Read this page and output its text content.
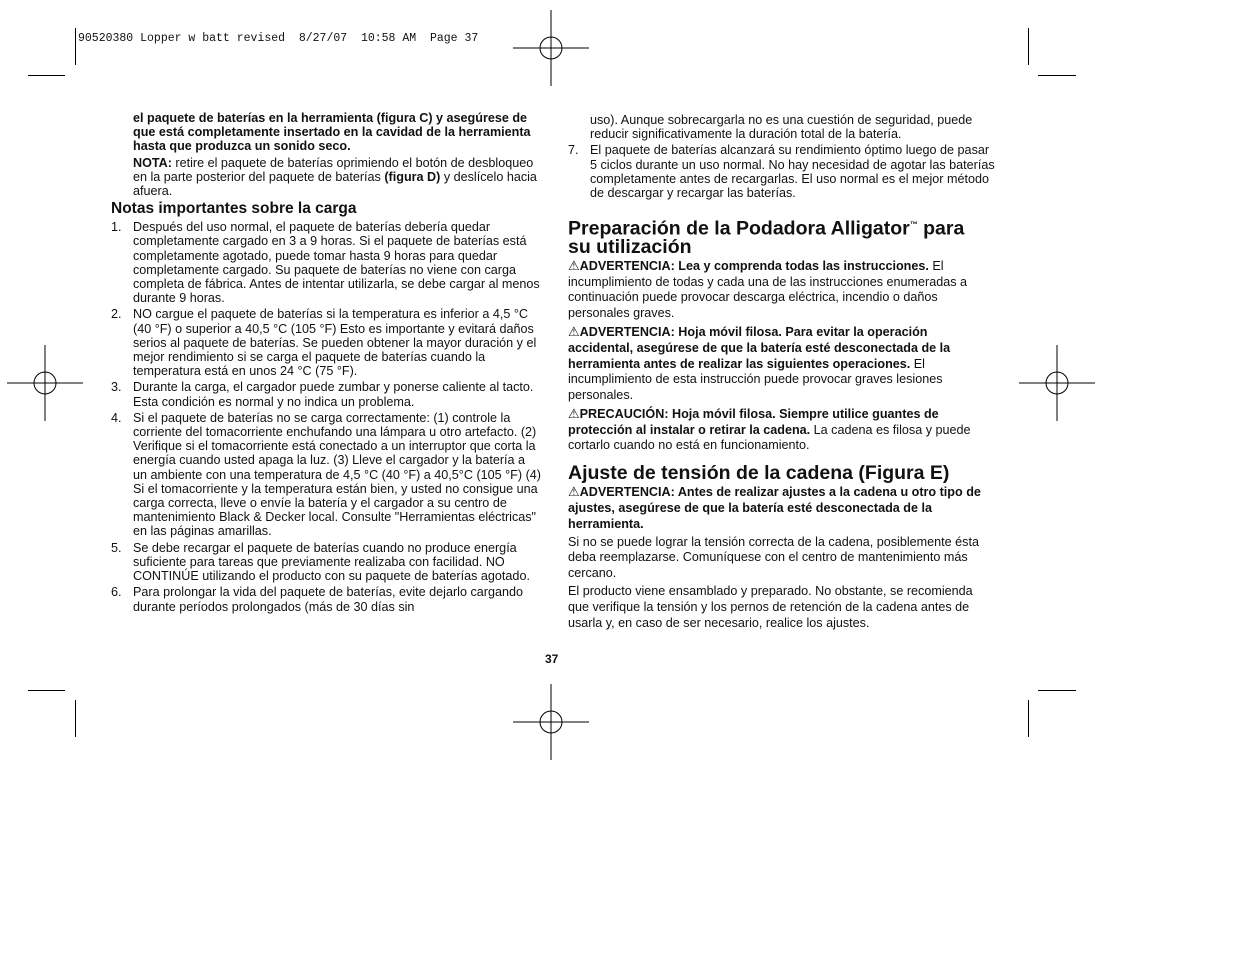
90520380 Lopper w batt revised  8/27/07  10:58 AM  Page 37

el paquete de baterías en la herramienta (figura C) y asegúrese de que está completamente insertado en la cavidad de la herramienta hasta que produzca un sonido seco.

NOTA: retire el paquete de baterías oprimiendo el botón de desbloqueo en la parte posterior del paquete de baterías (figura D) y deslícelo hacia afuera.

Notas importantes sobre la carga
1. Después del uso normal, el paquete de baterías debería quedar completamente cargado en 3 a 9 horas. Si el paquete de baterías está completamente agotado, puede tomar hasta 9 horas para quedar completamente cargado. Su paquete de baterías no viene con carga completa de fábrica. Antes de intentar utilizarla, se debe cargar al menos durante 9 horas.
2. NO cargue el paquete de baterías si la temperatura es inferior a 4,5 °C (40 °F) o superior a 40,5 °C (105 °F) Esto es importante y evitará daños serios al paquete de baterías. Se pueden obtener la mayor duración y el mejor rendimiento si se carga el paquete de baterías cuando la temperatura está en unos 24 °C (75 °F).
3. Durante la carga, el cargador puede zumbar y ponerse caliente al tacto. Esta condición es normal y no indica un problema.
4. Si el paquete de baterías no se carga correctamente: (1) controle la corriente del tomacorriente enchufando una lámpara u otro artefacto. (2) Verifique si el tomacorriente está conectado a un interruptor que corta la energía cuando usted apaga la luz. (3) Lleve el cargador y la batería a un ambiente con una temperatura de 4,5 °C (40 °F) a 40,5°C (105 °F) (4) Si el tomacorriente y la temperatura están bien, y usted no consigue una carga correcta, lleve o envíe la batería y el cargador a su centro de mantenimiento Black & Decker local. Consulte "Herramientas eléctricas" en las páginas amarillas.
5. Se debe recargar el paquete de baterías cuando no produce energía suficiente para tareas que previamente realizaba con facilidad. NO CONTINÚE utilizando el producto con su paquete de baterías agotado.
6. Para prolongar la vida del paquete de baterías, evite dejarlo cargando durante períodos prolongados (más de 30 días sin

uso). Aunque sobrecargarla no es una cuestión de seguridad, puede reducir significativamente la duración total de la batería.

7. El paquete de baterías alcanzará su rendimiento óptimo luego de pasar 5 ciclos durante un uso normal. No hay necesidad de agotar las baterías completamente antes de recargarlas. El uso normal es el mejor método de descargar y recargar las baterías.
Preparación de la Podadora Alligator™ para
su utilización

⚠ADVERTENCIA: Lea y comprenda todas las instrucciones. El incumplimiento de todas y cada una de las instrucciones enumeradas a continuación puede provocar descarga eléctrica, incendio o daños personales graves.

⚠ADVERTENCIA: Hoja móvil filosa. Para evitar la operación accidental, asegúrese de que la batería esté desconectada de la herramienta antes de realizar las siguientes operaciones. El incumplimiento de esta instrucción puede provocar graves lesiones personales.

⚠PRECAUCIÓN: Hoja móvil filosa. Siempre utilice guantes de protección al instalar o retirar la cadena. La cadena es filosa y puede cortarlo cuando no está en funcionamiento.

Ajuste de tensión de la cadena (Figura E)

⚠ADVERTENCIA: Antes de realizar ajustes a la cadena u otro tipo de ajustes, asegúrese de que la batería esté desconectada de la herramienta.

Si no se puede lograr la tensión correcta de la cadena, posiblemente ésta deba reemplazarse. Comuníquese con el centro de mantenimiento más cercano.

El producto viene ensamblado y preparado. No obstante, se recomienda que verifique la tensión y los pernos de retención de la cadena antes de usarla y, en caso de ser necesario, realice los ajustes.

37
